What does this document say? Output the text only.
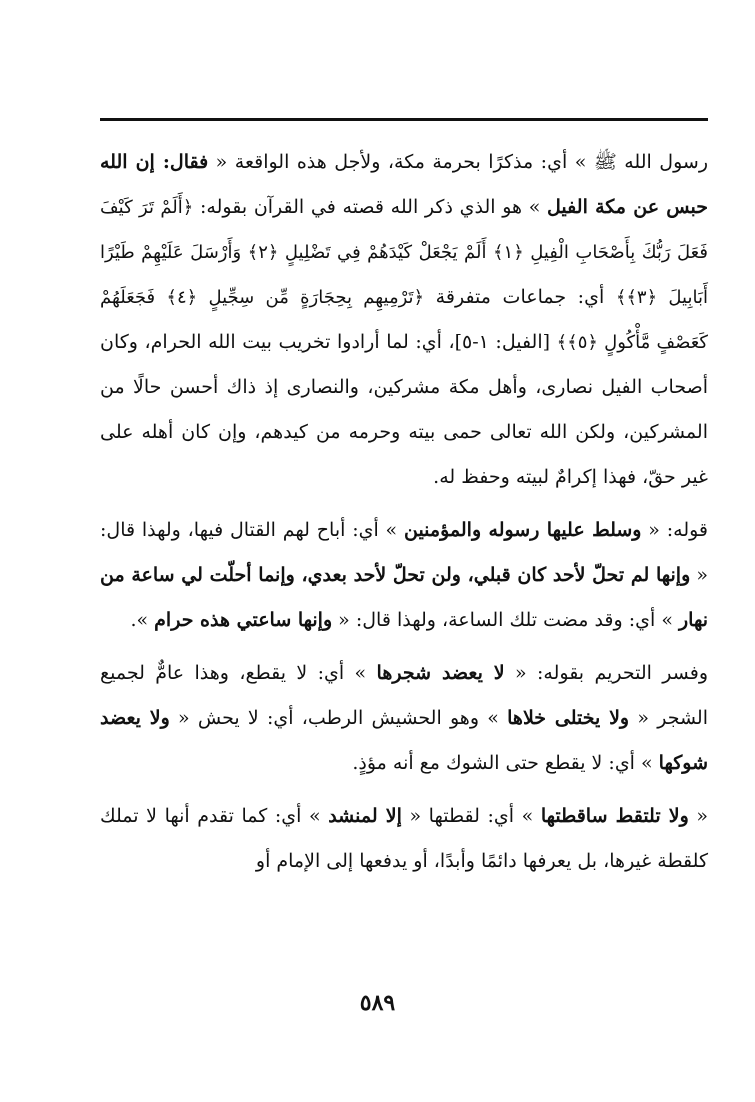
رسول الله ﷺ » أي: مذكرًا بحرمة مكة، ولأجل هذه الواقعة « فقال: إن الله حبس عن مكة الفيل » هو الذي ذكر الله قصته في القرآن بقوله: ﴿أَلَمْ تَرَ كَيْفَ فَعَلَ رَبُّكَ بِأَصْحَابِ الْفِيلِ ﴿١﴾ أَلَمْ يَجْعَلْ كَيْدَهُمْ فِي تَضْلِيلٍ ﴿٢﴾ وَأَرْسَلَ عَلَيْهِمْ طَيْرًا أَبَابِيلَ ﴿٣﴾﴾ أي: جماعات متفرقة ﴿تَرْمِيهِم بِحِجَارَةٍ مِّن سِجِّيلٍ ﴿٤﴾ فَجَعَلَهُمْ كَعَصْفٍ مَّأْكُولٍ ﴿٥﴾﴾ [الفيل: ١-٥]، أي: لما أرادوا تخريب بيت الله الحرام، وكان أصحاب الفيل نصارى، وأهل مكة مشركين، والنصارى إذ ذاك أحسن حالًا من المشركين، ولكن الله تعالى حمى بيته وحرمه من كيدهم، وإن كان أهله على غير حقّ، فهذا إكرامٌ لبيته وحفظ له.

قوله: « وسلط عليها رسوله والمؤمنين » أي: أباح لهم القتال فيها، ولهذا قال: « وإنها لم تحلّ لأحد كان قبلي، ولن تحلّ لأحد بعدي، وإنما أحلّت لي ساعة من نهار » أي: وقد مضت تلك الساعة، ولهذا قال: « وإنها ساعتي هذه حرام ».

وفسر التحريم بقوله: « لا يعضد شجرها » أي: لا يقطع، وهذا عامٌّ لجميع الشجر « ولا يختلى خلاها » وهو الحشيش الرطب، أي: لا يحش « ولا يعضد شوكها » أي: لا يقطع حتى الشوك مع أنه مؤذٍ.

« ولا تلتقط ساقطتها » أي: لقطتها « إلا لمنشد » أي: كما تقدم أنها لا تملك كلقطة غيرها، بل يعرفها دائمًا وأبدًا، أو يدفعها إلى الإمام أو

٥٨٩
